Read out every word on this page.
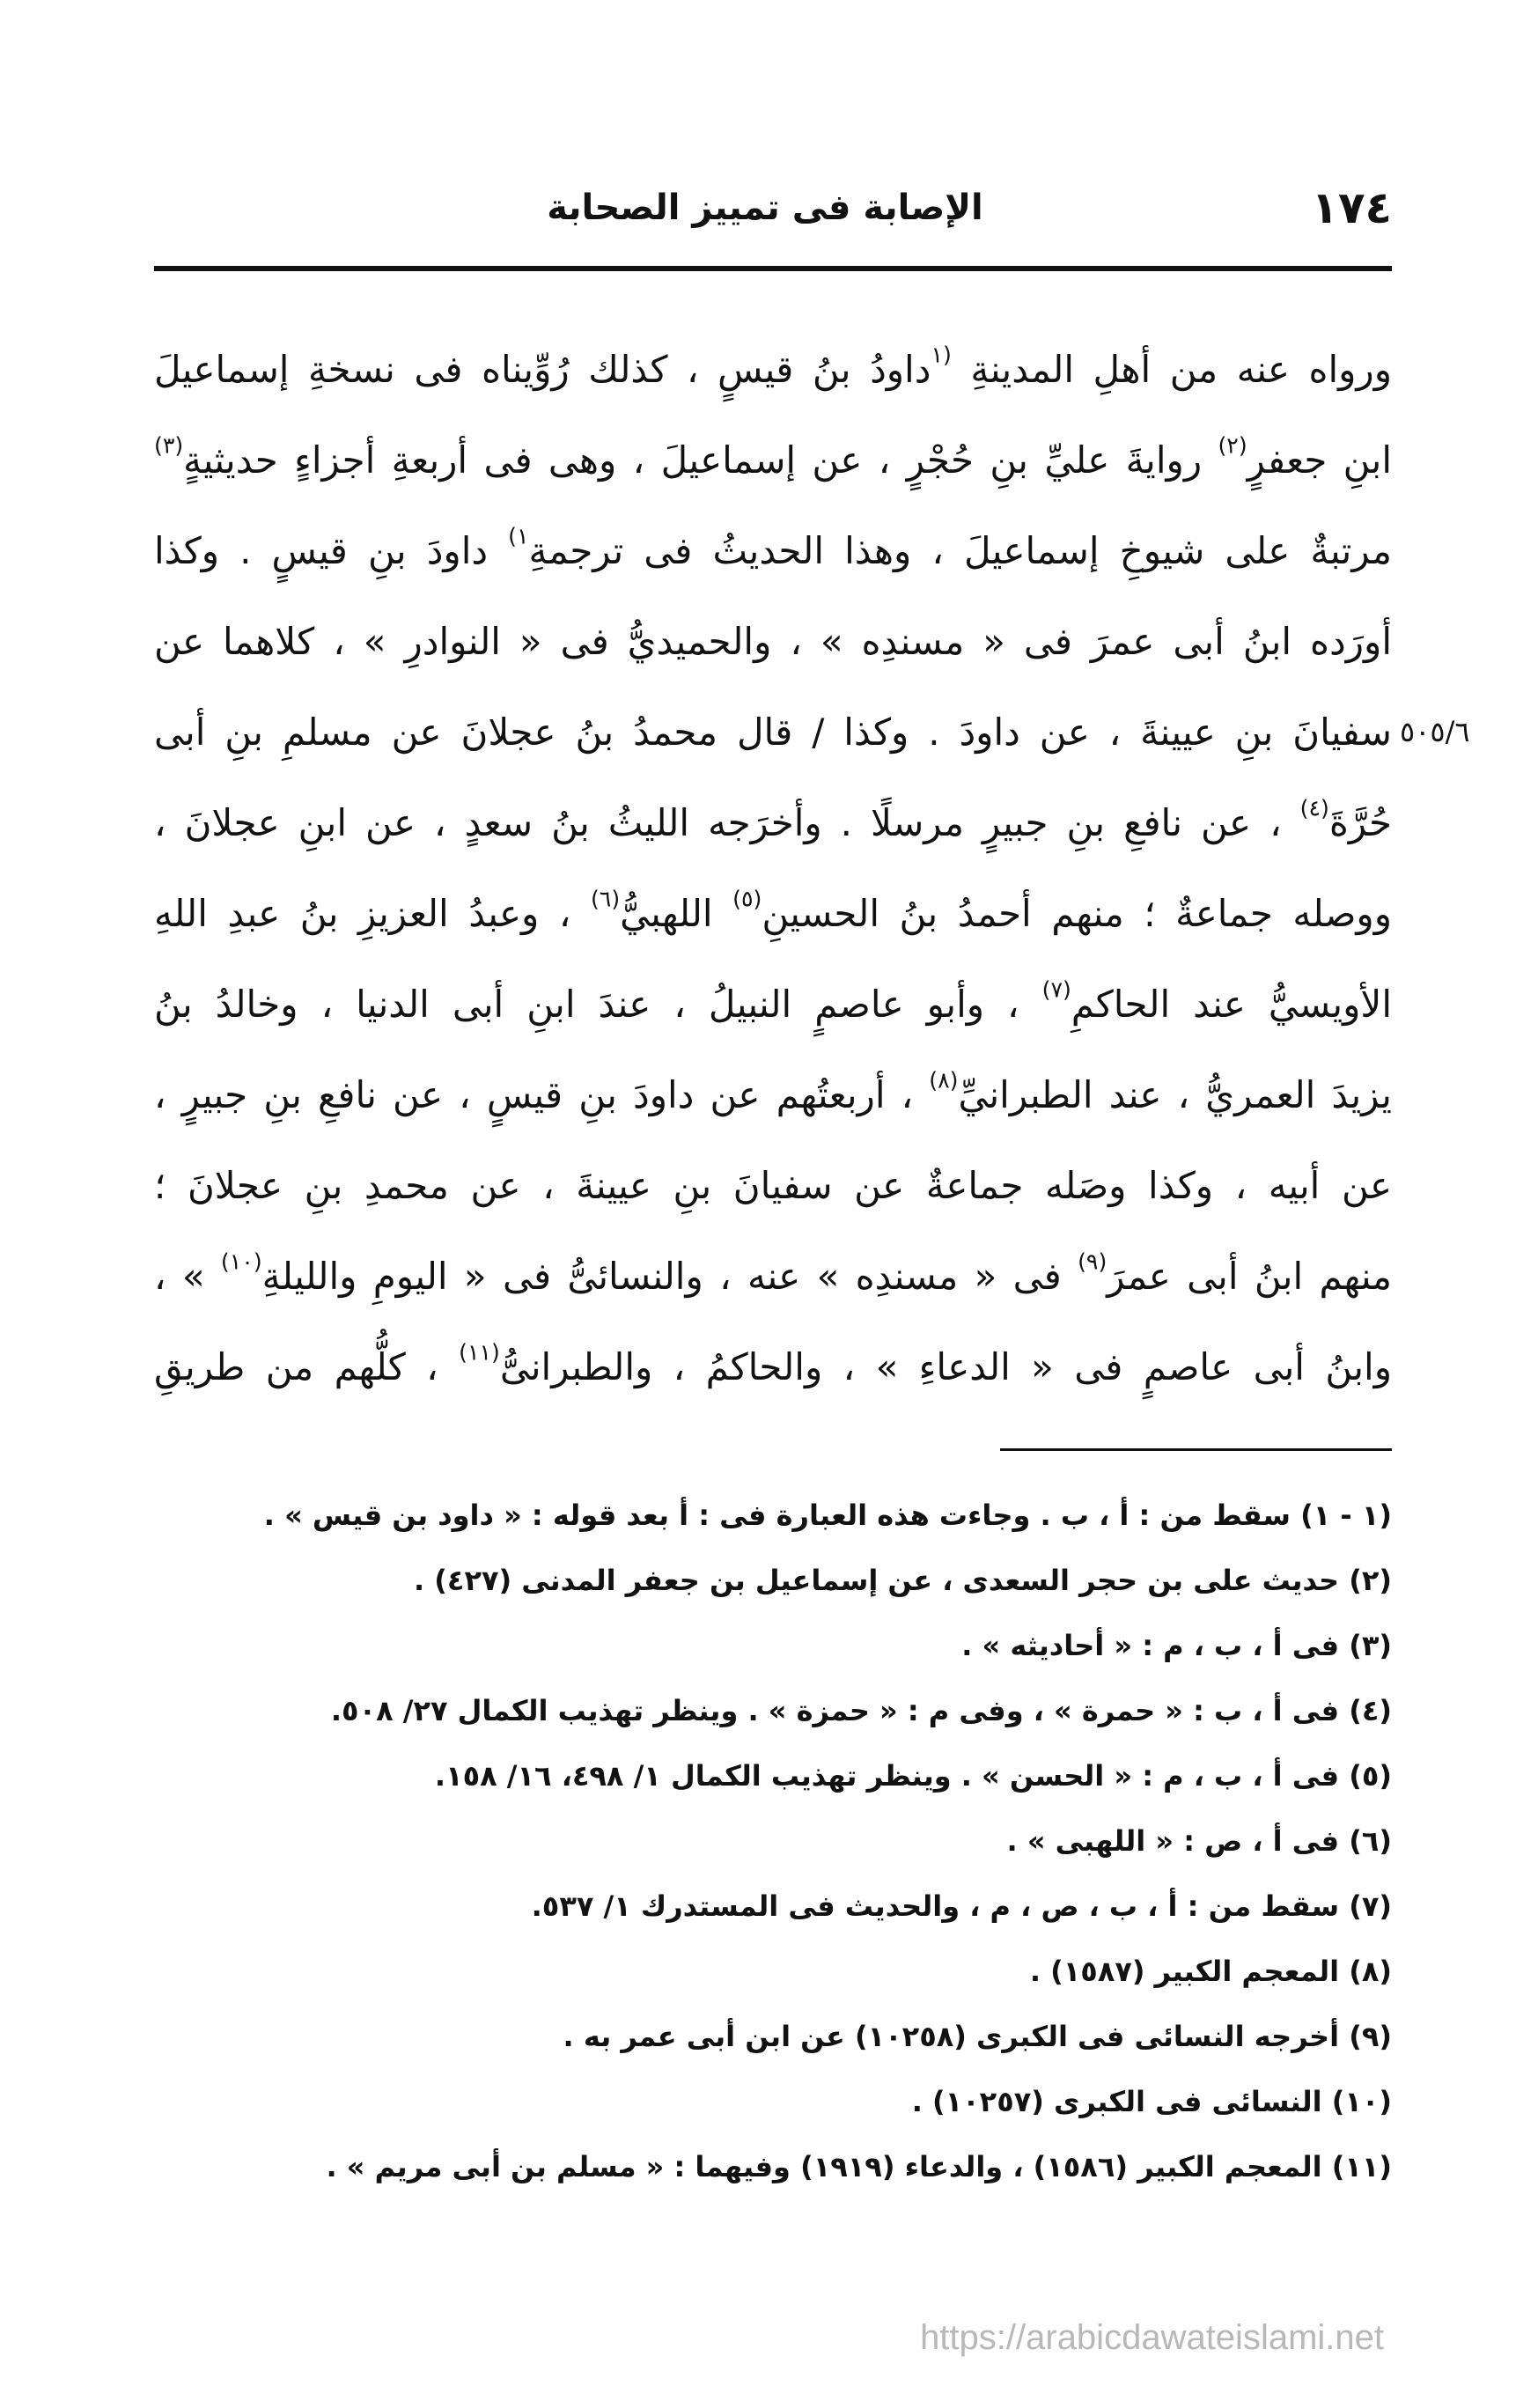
١٧٤
الإصابة فى تمييز الصحابة
ورواه عنه من أهلِ المدينةِ $^{(١}$داودُ بنُ قيسٍ ، كذلك رُوِّيناه فى نسخةِ إسماعيلَ
ابنِ جعفرٍ$^{(٢)}$ روايةَ عليِّ بنِ حُجْرٍ ، عن إسماعيلَ ، وهى فى أربعةِ أجزاءٍ حديثيةٍ$^{(٣)}$
مرتبةٌ على شيوخِ إسماعيلَ ، وهذا الحديثُ فى ترجمةِ$^{١)}$ داودَ بنِ قيسٍ . وكذا
أورَده ابنُ أبى عمرَ فى « مسندِه » ، والحميديُّ فى « النوادرِ » ، كلاهما عن
سفيانَ بنِ عيينةَ ، عن داودَ . وكذا / قال محمدُ بنُ عجلانَ عن مسلمِ بنِ أبى
حُرَّةَ$^{(٤)}$ ، عن نافعِ بنِ جبيرٍ مرسلًا . وأخرَجه الليثُ بنُ سعدٍ ، عن ابنِ عجلانَ ،
ووصله جماعةٌ ؛ منهم أحمدُ بنُ الحسينِ$^{(٥)}$ اللهبيُّ$^{(٦)}$ ، وعبدُ العزيزِ بنُ عبدِ اللهِ
الأويسيُّ عند الحاكمِ$^{(٧)}$ ، وأبو عاصمٍ النبيلُ ، عندَ ابنِ أبى الدنيا ، وخالدُ بنُ
يزيدَ العمريُّ ، عند الطبرانيِّ$^{(٨)}$ ، أربعتُهم عن داودَ بنِ قيسٍ ، عن نافعِ بنِ جبيرٍ ،
عن أبيه ، وكذا وصَله جماعةٌ عن سفيانَ بنِ عيينةَ ، عن محمدِ بنِ عجلانَ ؛
منهم ابنُ أبى عمرَ$^{(٩)}$ فى « مسندِه » عنه ، والنسائىُّ فى « اليومِ والليلةِ$^{(١٠)}$ » ،
وابنُ أبى عاصمٍ فى « الدعاءِ » ، والحاكمُ ، والطبرانىُّ$^{(١١)}$ ، كلُّهم من طريقِ
٥٠٥/٦
(١ - ١) سقط من : أ ، ب . وجاءت هذه العبارة فى : أ بعد قوله : « داود بن قيس » .
(٢) حديث على بن حجر السعدى ، عن إسماعيل بن جعفر المدنى (٤٢٧) .
(٣) فى أ ، ب ، م : « أحاديثه » .
(٤) فى أ ، ب : « حمرة » ، وفى م : « حمزة » . وينظر تهذيب الكمال ٢٧/ ٥٠٨.
(٥) فى أ ، ب ، م : « الحسن » . وينظر تهذيب الكمال ١/ ٤٩٨، ١٦/ ١٥٨.
(٦) فى أ ، ص : « اللهبى » .
(٧) سقط من : أ ، ب ، ص ، م ، والحديث فى المستدرك ١/ ٥٣٧.
(٨) المعجم الكبير (١٥٨٧) .
(٩) أخرجه النسائى فى الكبرى (١٠٢٥٨) عن ابن أبى عمر به .
(١٠) النسائى فى الكبرى (١٠٢٥٧) .
(١١) المعجم الكبير (١٥٨٦) ، والدعاء (١٩١٩) وفيهما : « مسلم بن أبى مريم » .
https://arabicdawateislami.net
